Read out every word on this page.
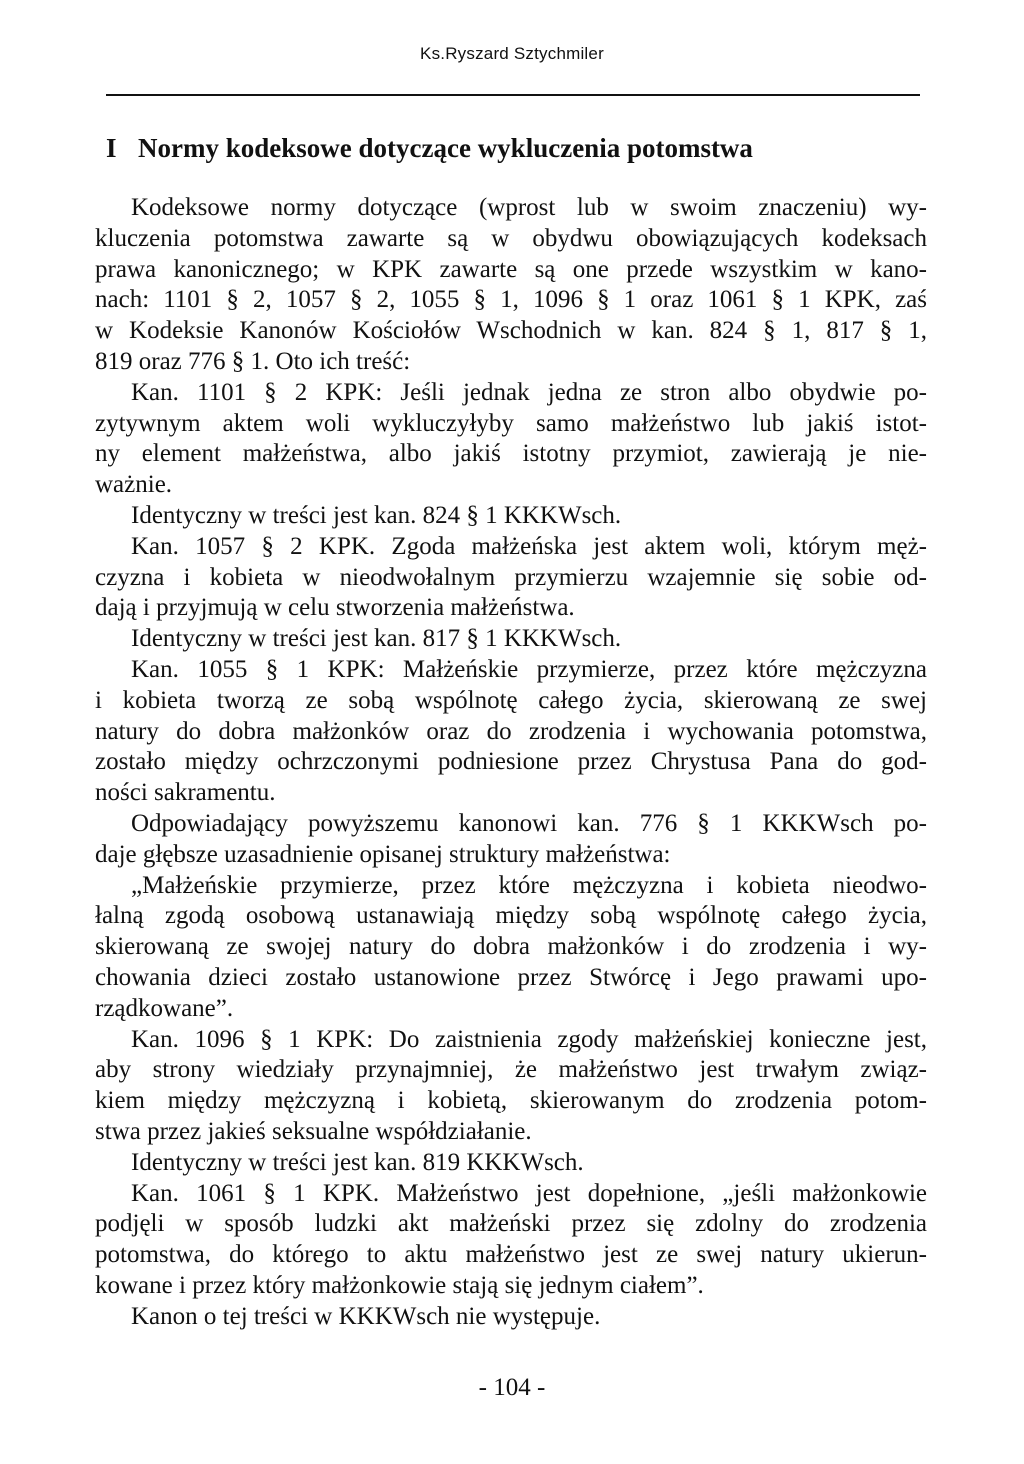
Ks.Ryszard Sztychmiler
I Normy kodeksowe dotyczące wykluczenia potomstwa
Kodeksowe normy dotyczące (wprost lub w swoim znaczeniu) wy-
kluczenia potomstwa zawarte są w obydwu obowiązujących kodeksach
prawa kanonicznego; w KPK zawarte są one przede wszystkim w kano-
nach: 1101 § 2, 1057 § 2, 1055 § 1, 1096 § 1 oraz 1061 § 1 KPK, zaś
w Kodeksie Kanonów Kościołów Wschodnich w kan. 824 § 1, 817 § 1,
819 oraz 776 § 1. Oto ich treść:
Kan. 1101 § 2 KPK: Jeśli jednak jedna ze stron albo obydwie po-
zytywnym aktem woli wykluczyłyby samo małżeństwo lub jakiś istot-
ny element małżeństwa, albo jakiś istotny przymiot, zawierają je nie-
ważnie.
Identyczny w treści jest kan. 824 § 1 KKKWsch.
Kan. 1057 § 2 KPK. Zgoda małżeńska jest aktem woli, którym męż-
czyzna i kobieta w nieodwołalnym przymierzu wzajemnie się sobie od-
dają i przyjmują w celu stworzenia małżeństwa.
Identyczny w treści jest kan. 817 § 1 KKKWsch.
Kan. 1055 § 1 KPK: Małżeńskie przymierze, przez które mężczyzna
i kobieta tworzą ze sobą wspólnotę całego życia, skierowaną ze swej
natury do dobra małżonków oraz do zrodzenia i wychowania potomstwa,
zostało między ochrzczonymi podniesione przez Chrystusa Pana do god-
ności sakramentu.
Odpowiadający powyższemu kanonowi kan. 776 § 1 KKKWsch po-
daje głębsze uzasadnienie opisanej struktury małżeństwa:
„Małżeńskie przymierze, przez które mężczyzna i kobieta nieodwo-
łalną zgodą osobową ustanawiają między sobą wspólnotę całego życia,
skierowaną ze swojej natury do dobra małżonków i do zrodzenia i wy-
chowania dzieci zostało ustanowione przez Stwórcę i Jego prawami upo-
rządkowane”.
Kan. 1096 § 1 KPK: Do zaistnienia zgody małżeńskiej konieczne jest,
aby strony wiedziały przynajmniej, że małżeństwo jest trwałym związ-
kiem między mężczyzną i kobietą, skierowanym do zrodzenia potom-
stwa przez jakieś seksualne współdziałanie.
Identyczny w treści jest kan. 819 KKKWsch.
Kan. 1061 § 1 KPK. Małżeństwo jest dopełnione, „jeśli małżonkowie
podjęli w sposób ludzki akt małżeński przez się zdolny do zrodzenia
potomstwa, do którego to aktu małżeństwo jest ze swej natury ukierun-
kowane i przez który małżonkowie stają się jednym ciałem”.
Kanon o tej treści w KKKWsch nie występuje.
- 104 -
